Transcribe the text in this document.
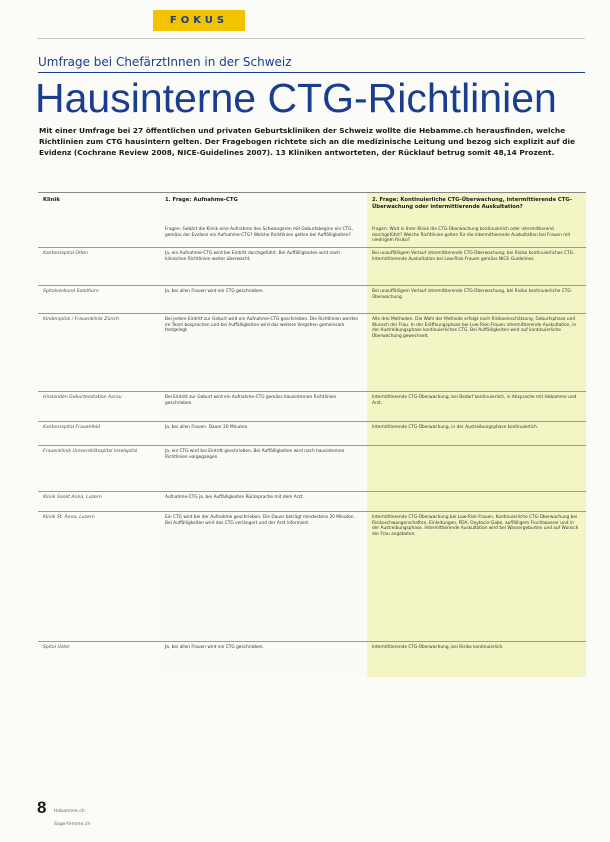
FOKUS
Umfrage bei ChefärztInnen in der Schweiz
Hausinterne CTG-Richtlinien
Mit einer Umfrage bei 27 öffentlichen und privaten Geburtskliniken der Schweiz wollte die Hebamme.ch herausfinden, welche Richtlinien zum CTG hausintern gelten. Der Fragebogen richtete sich an die medizinische Leitung und bezog sich explizit auf die Evidenz (Cochrane Review 2008, NICE-Guidelines 2007). 13 Kliniken antworteten, der Rücklauf betrug somit 48,14 Prozent.
Klinik	1. Frage: Aufnahme-CTG	2. Frage: Kontinuierliche CTG-Überwachung, intermittierende CTG-Überwachung oder intermittierende Auskultation?
	Fragen: Gebärt die Klinik eine Aufnahme des Schwangeren mit Geburtsbeginn ein CTG, gemäss der Evidenz ein Aufnahme-CTG? Welche Richtlinien gelten bei Auffälligkeiten?	Fragen: Wird in Ihrer Klinik die CTG-Überwachung kontinuierlich oder intermittierend durchgeführt? Welche Richtlinien gelten für die intermittierende Auskultation bei Frauen mit niedrigem Risiko?
Kantonsspital Olten	Ja, ein Aufnahme-CTG wird bei Eintritt durchgeführt. Bei Auffälligkeiten wird nach klinischen Richtlinien weiter überwacht.	Bei unauffälligem Verlauf intermittierende CTG-Überwachung; bei Risiko kontinuierliches CTG. Intermittierende Auskultation bei Low-Risk-Frauen gemäss NICE-Guidelines.
Spitalverbund Solothurn	Ja, bei allen Frauen wird ein CTG geschrieben.	Bei unauffälligem Verlauf intermittierende CTG-Überwachung, bei Risiko kontinuierliche CTG-Überwachung.
Kinderspital / Frauenklinik Zürich	Bei jedem Eintritt zur Geburt wird ein Aufnahme-CTG geschrieben. Die Richtlinien werden im Team besprochen und bei Auffälligkeiten wird das weitere Vorgehen gemeinsam festgelegt.	Alle drei Methoden. Die Wahl der Methode erfolgt nach Risikoeinschätzung, Geburtsphase und Wunsch der Frau. In der Eröffnungsphase bei Low-Risk-Frauen intermittierende Auskultation, in der Austreibungsphase kontinuierliches CTG. Bei Auffälligkeiten wird auf kontinuierliche Überwachung gewechselt.
Hirslanden Geburtenstation Aarau	Bei Eintritt zur Geburt wird ein Aufnahme-CTG gemäss hausinternen Richtlinien geschrieben.	Intermittierende CTG-Überwachung, bei Bedarf kontinuierlich, in Absprache mit Hebamme und Arzt.
Kantonsspital Frauenfeld	Ja, bei allen Frauen. Dauer 20 Minuten.	Intermittierende CTG-Überwachung, in der Austreibungsphase kontinuierlich.
Frauenklinik Universitätsspital Inselspital	Ja, ein CTG wird bei Eintritt geschrieben. Bei Auffälligkeiten wird nach hausinternen Richtlinien vorgegangen.	
Klinik Sankt Anna, Luzern	Aufnahme-CTG ja, bei Auffälligkeiten Rücksprache mit dem Arzt.	
Klinik St. Anna, Luzern	Ein CTG wird bei der Aufnahme geschrieben. Die Dauer beträgt mindestens 20 Minuten. Bei Auffälligkeiten wird das CTG verlängert und der Arzt informiert.	Intermittierende CTG-Überwachung bei Low-Risk-Frauen. Kontinuierliche CTG-Überwachung bei Risikoschwangerschaften, Einleitungen, PDA, Oxytocin-Gabe, auffälligem Fruchtwasser und in der Austreibungsphase. Intermittierende Auskultation wird bei Wassergeburten und auf Wunsch der Frau angeboten.
Spital Uster	Ja, bei allen Frauen wird ein CTG geschrieben.	Intermittierende CTG-Überwachung, bei Risiko kontinuierlich.
8 Hebamme.ch

Sage-femme.ch
